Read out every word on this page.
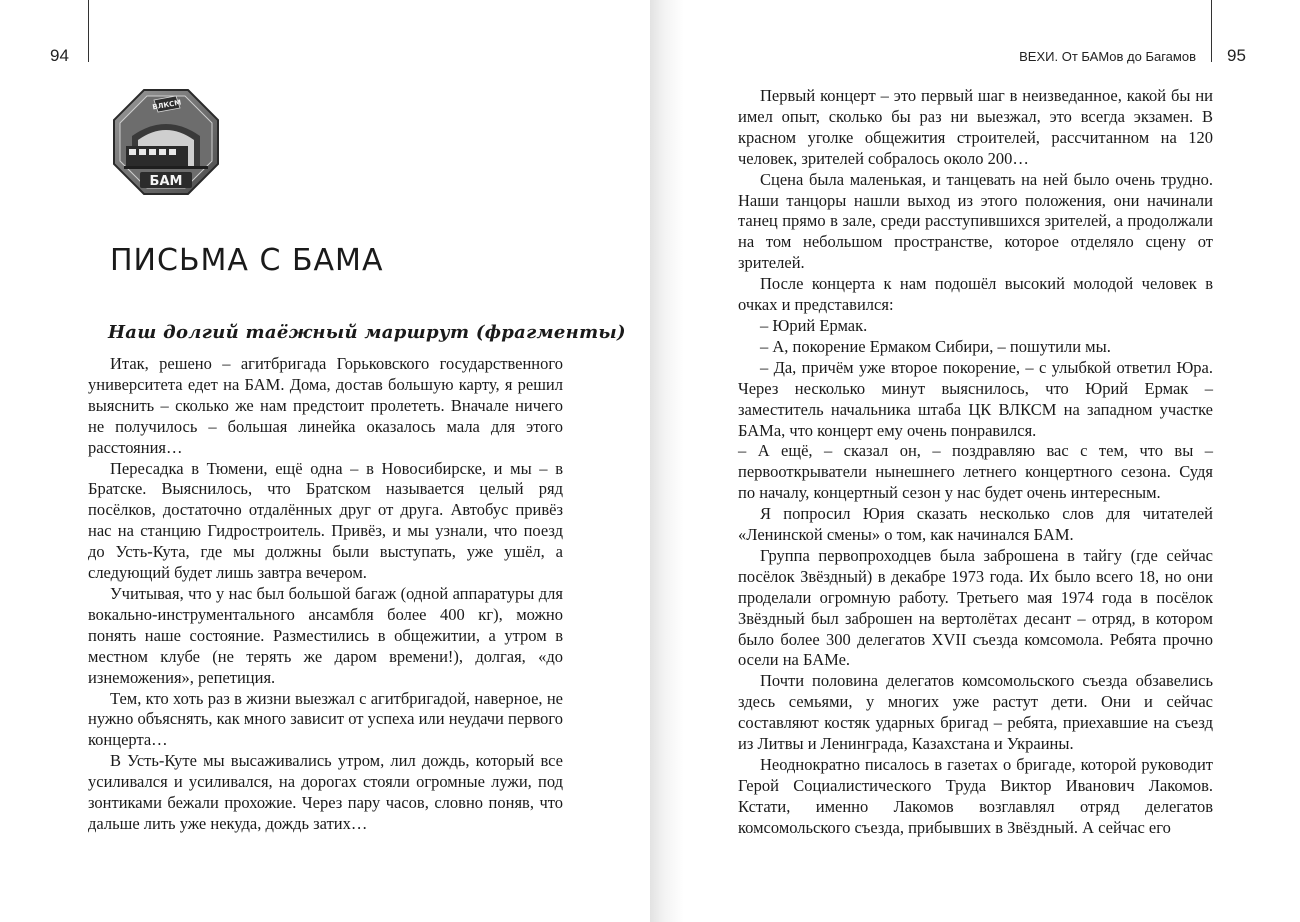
94
ВЛКСМ
БАМ
ПИСЬМА С БАМА
Наш долгий таёжный маршрут (фрагменты)

Итак, решено – агитбригада Горьковского государственного университета едет на БАМ. Дома, достав большую карту, я решил выяснить – сколько же нам предстоит пролететь. Вначале ничего не получилось – большая линейка оказалось мала для этого расстояния…

Пересадка в Тюмени, ещё одна – в Новосибирске, и мы – в Братске. Выяснилось, что Братском называется целый ряд посёлков, достаточно отдалённых друг от друга. Автобус привёз нас на станцию Гидростроитель. Привёз, и мы узнали, что поезд до Усть-Кута, где мы должны были выступать, уже ушёл, а следующий будет лишь завтра вечером.

Учитывая, что у нас был большой багаж (одной аппаратуры для вокально-инструментального ансамбля более 400 кг), можно понять наше состояние. Разместились в общежитии, а утром в местном клубе (не терять же даром времени!), долгая, «до изнеможения», репетиция.

Тем, кто хоть раз в жизни выезжал с агитбригадой, наверное, не нужно объяснять, как много зависит от успеха или неудачи первого концерта…

В Усть-Куте мы высаживались утром, лил дождь, который все усиливался и усиливался, на дорогах стояли огромные лужи, под зонтиками бежали прохожие. Через пару часов, словно поняв, что дальше лить уже некуда, дождь затих…

ВЕХИ. От БАМов до Багамов 95

Первый концерт – это первый шаг в неизведанное, какой бы ни имел опыт, сколько бы раз ни выезжал, это всегда экзамен. В красном уголке общежития строителей, рассчитанном на 120 человек, зрителей собралось около 200…

Сцена была маленькая, и танцевать на ней было очень трудно. Наши танцоры нашли выход из этого положения, они начинали танец прямо в зале, среди расступившихся зрителей, а продолжали на том небольшом пространстве, которое отделяло сцену от зрителей.

После концерта к нам подошёл высокий молодой человек в очках и представился:

– Юрий Ермак.

– А, покорение Ермаком Сибири, – пошутили мы.

– Да, причём уже второе покорение, – с улыбкой ответил Юра. Через несколько минут выяснилось, что Юрий Ермак – заместитель начальника штаба ЦК ВЛКСМ на западном участке БАМа, что концерт ему очень понравился.

– А ещё, – сказал он, – поздравляю вас с тем, что вы – первооткрыватели нынешнего летнего концертного сезона. Судя по началу, концертный сезон у нас будет очень интересным.

Я попросил Юрия сказать несколько слов для читателей «Ленинской смены» о том, как начинался БАМ.

Группа первопроходцев была заброшена в тайгу (где сейчас посёлок Звёздный) в декабре 1973 года. Их было всего 18, но они проделали огромную работу. Третьего мая 1974 года в посёлок Звёздный был заброшен на вертолётах десант – отряд, в котором было более 300 делегатов XVII съезда комсомола. Ребята прочно осели на БАМе.

Почти половина делегатов комсомольского съезда обзавелись здесь семьями, у многих уже растут дети. Они и сейчас составляют костяк ударных бригад – ребята, приехавшие на съезд из Литвы и Ленинграда, Казахстана и Украины.

Неоднократно писалось в газетах о бригаде, которой руководит Герой Социалистического Труда Виктор Иванович Лакомов. Кстати, именно Лакомов возглавлял отряд делегатов комсомольского съезда, прибывших в Звёздный. А сейчас его
